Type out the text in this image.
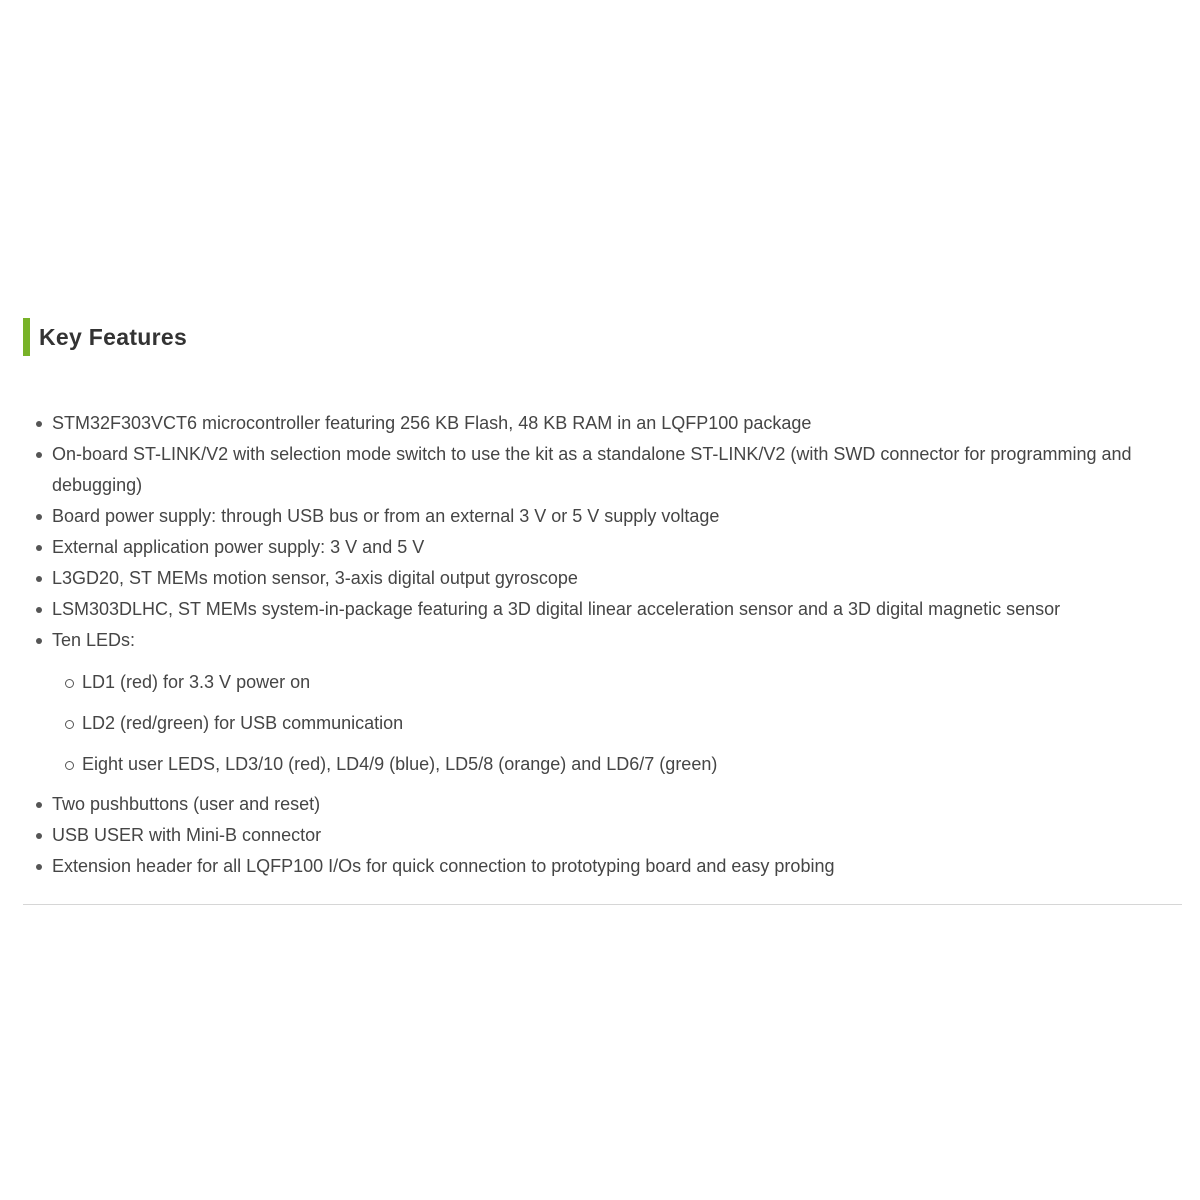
Key Features
STM32F303VCT6 microcontroller featuring 256 KB Flash, 48 KB RAM in an LQFP100 package
On-board ST-LINK/V2 with selection mode switch to use the kit as a standalone ST-LINK/V2 (with SWD connector for programming and debugging)
Board power supply: through USB bus or from an external 3 V or 5 V supply voltage
External application power supply: 3 V and 5 V
L3GD20, ST MEMs motion sensor, 3-axis digital output gyroscope
LSM303DLHC, ST MEMs system-in-package featuring a 3D digital linear acceleration sensor and a 3D digital magnetic sensor
Ten LEDs:
LD1 (red) for 3.3 V power on
LD2 (red/green) for USB communication
Eight user LEDS, LD3/10 (red), LD4/9 (blue), LD5/8 (orange) and LD6/7 (green)
Two pushbuttons (user and reset)
USB USER with Mini-B connector
Extension header for all LQFP100 I/Os for quick connection to prototyping board and easy probing
